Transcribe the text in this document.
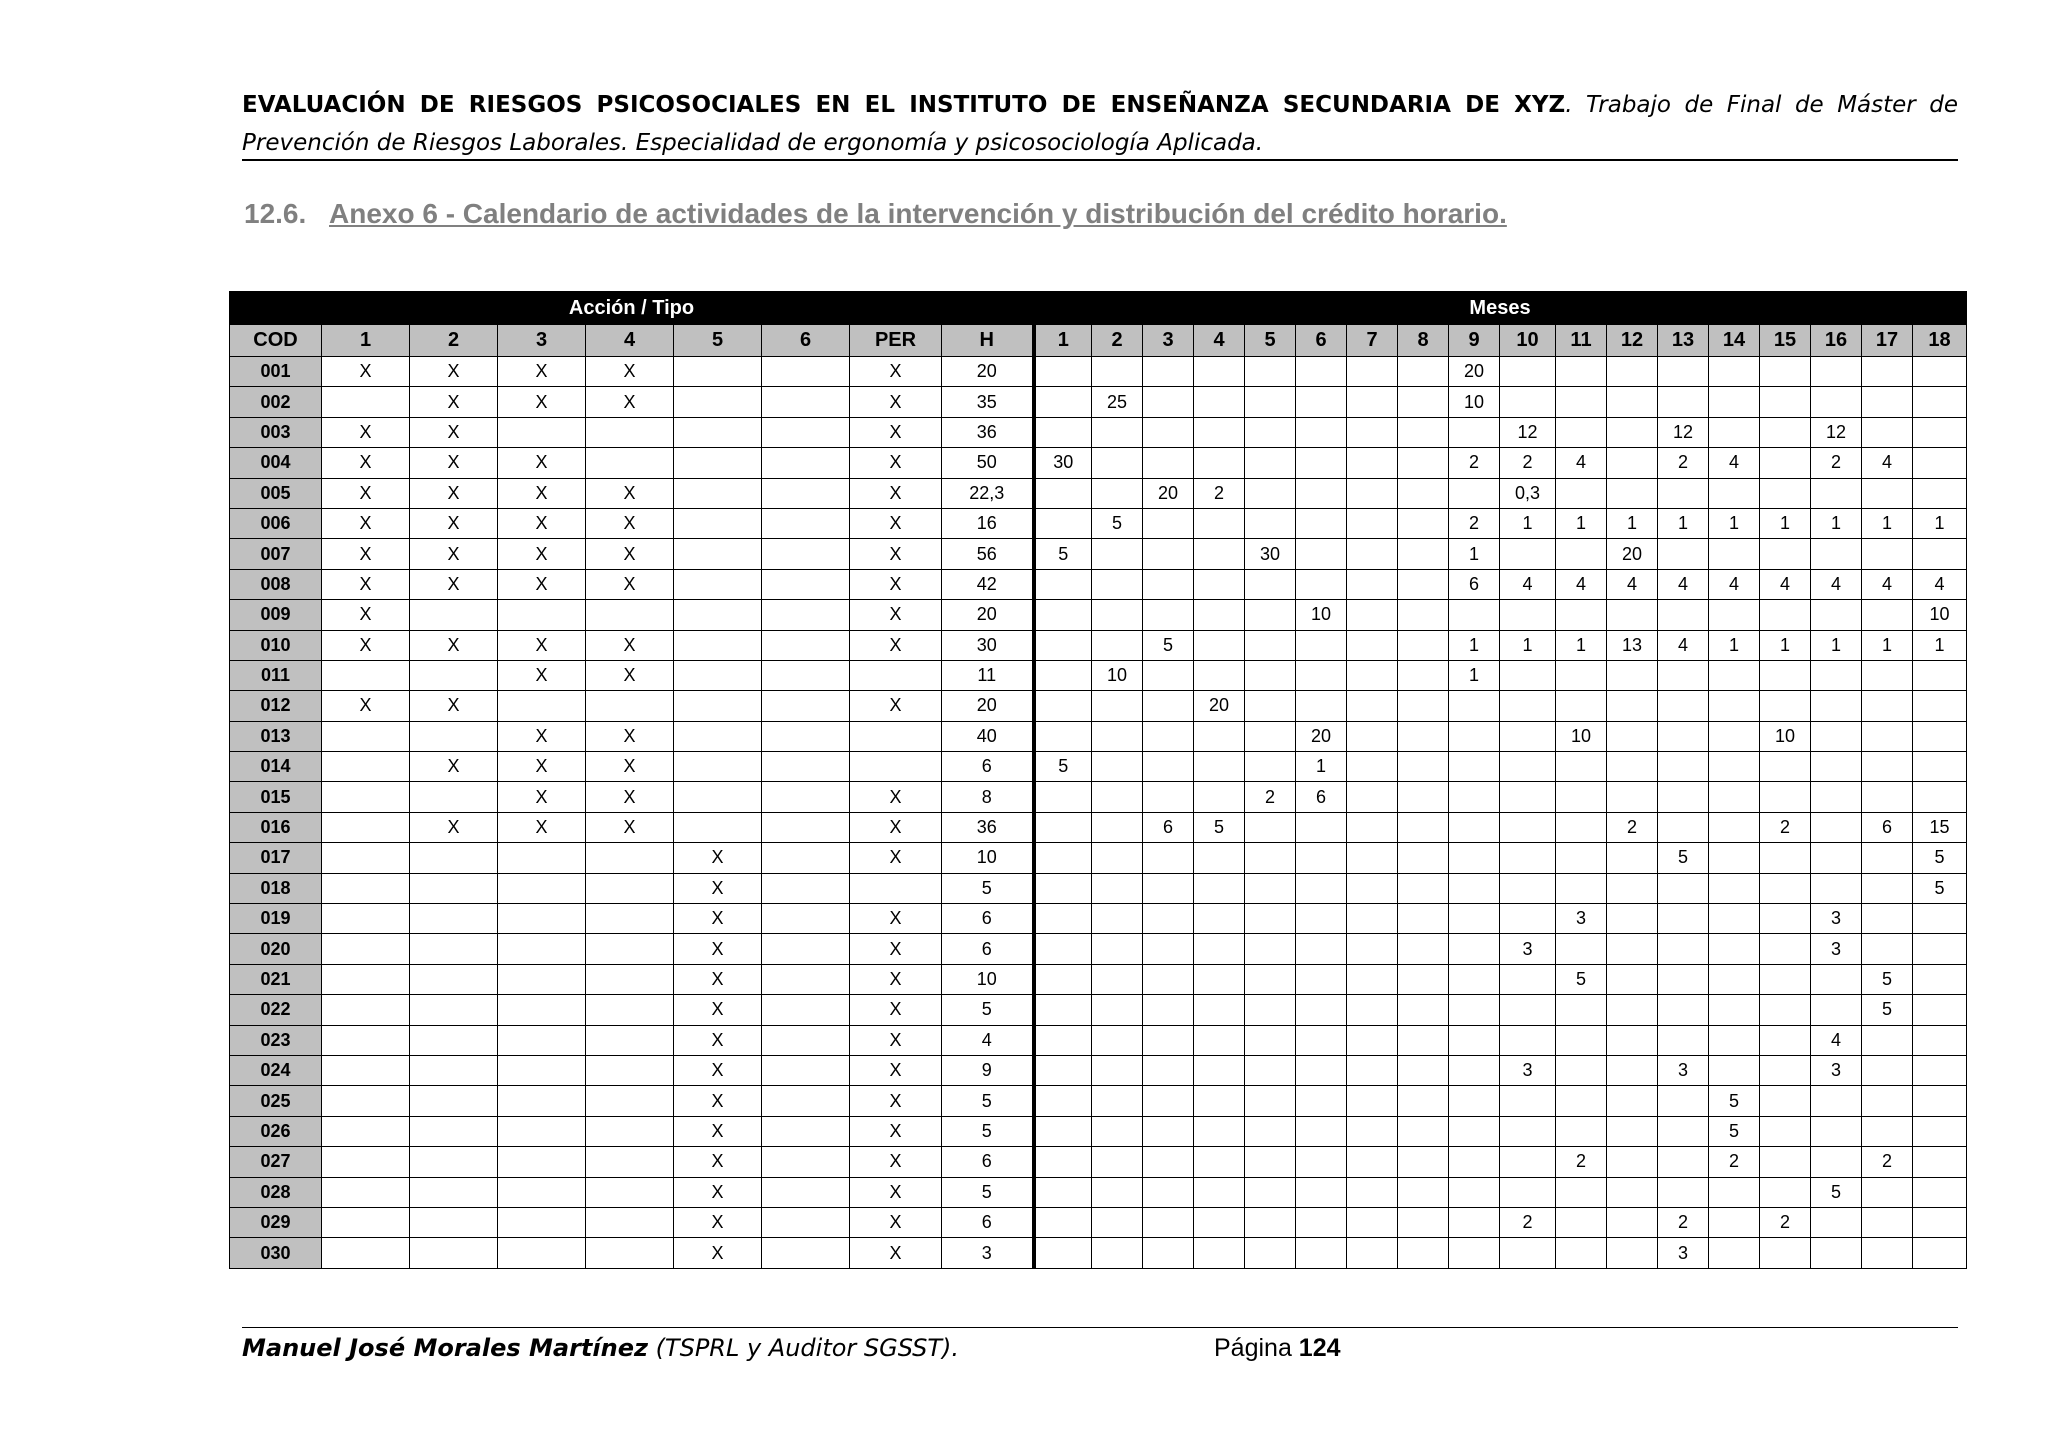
EVALUACIÓN DE RIESGOS PSICOSOCIALES EN EL INSTITUTO DE ENSEÑANZA SECUNDARIA DE XYZ. Trabajo de Final de Máster de Prevención de Riesgos Laborales. Especialidad de ergonomía y psicosociología Aplicada.
12.6. Anexo 6 - Calendario de actividades de la intervención y distribución del crédito horario.
Acción / Tipo									Meses																	
COD	1	2	3	4	5	6	PER	H	1	2	3	4	5	6	7	8	9	10	11	12	13	14	15	16	17	18
001	X	X	X	X			X	20									20									
002		X	X	X			X	35		25							10									
003	X	X					X	36										12			12			12		
004	X	X	X				X	50	30								2	2	4		2	4		2	4	
005	X	X	X	X			X	22,3			20	2						0,3								
006	X	X	X	X			X	16		5							2	1	1	1	1	1	1	1	1	1
007	X	X	X	X			X	56	5				30				1			20						
008	X	X	X	X			X	42									6	4	4	4	4	4	4	4	4	4
009	X						X	20						10												10
010	X	X	X	X			X	30			5						1	1	1	13	4	1	1	1	1	1
011			X	X				11		10							1									
012	X	X					X	20				20														
013			X	X				40						20					10				10			
014		X	X	X				6	5					1												
015			X	X			X	8					2	6												
016		X	X	X			X	36			6	5								2			2		6	15
017					X		X	10													5					5
018					X			5																		5
019					X		X	6											3					3		
020					X		X	6										3						3		
021					X		X	10											5						5	
022					X		X	5																	5	
023					X		X	4																4		
024					X		X	9										3			3			3		
025					X		X	5														5				
026					X		X	5														5				
027					X		X	6											2			2			2	
028					X		X	5																5		
029					X		X	6										2			2		2			
030					X		X	3													3					
Manuel José Morales Martínez (TSPRL y Auditor SGSST).	Página 124
